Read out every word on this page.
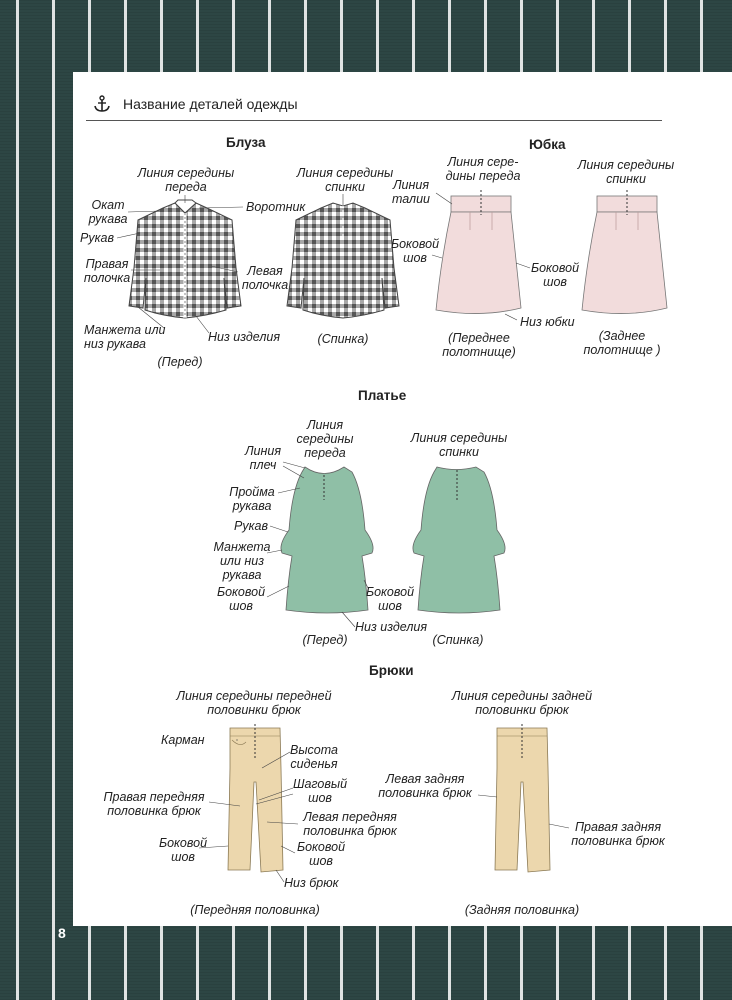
8
Название деталей одежды
Блуза	Юбка
Платье
Брюки
Линия середины
переда
Линия середины
спинки
Окат
рукава
Рукав
Воротник
Правая
полочка	Левая
полочка
Манжета или
низ рукава	Низ изделия
(Перед)
(Спинка)
Линия сере-
дины переда
Линия
талии
Боковой
шов
Боковой
шов
Низ юбки
Линия середины
спинки
(Переднее
полотнище)
(Заднее
полотнище )
Линия
середины
переда
Линия середины
спинки
Линия
плеч
Пройма
рукава
Рукав
Манжета
или низ
рукава
Боковой
шов
Боковой
шов
Низ изделия
(Перед)	(Спинка)
Линия середины передней
половинки брюк
Линия середины задней
половинки брюк
Карман
Высота
сиденья
Шаговый
шов
Правая передняя
половинка брюк	Левая передняя
половинка брюк
Боковой
шов
Боковой
шов
Низ брюк
Левая задняя
половинка брюк
Правая задняя
половинка брюк
(Передняя половинка)	(Задняя половинка)
